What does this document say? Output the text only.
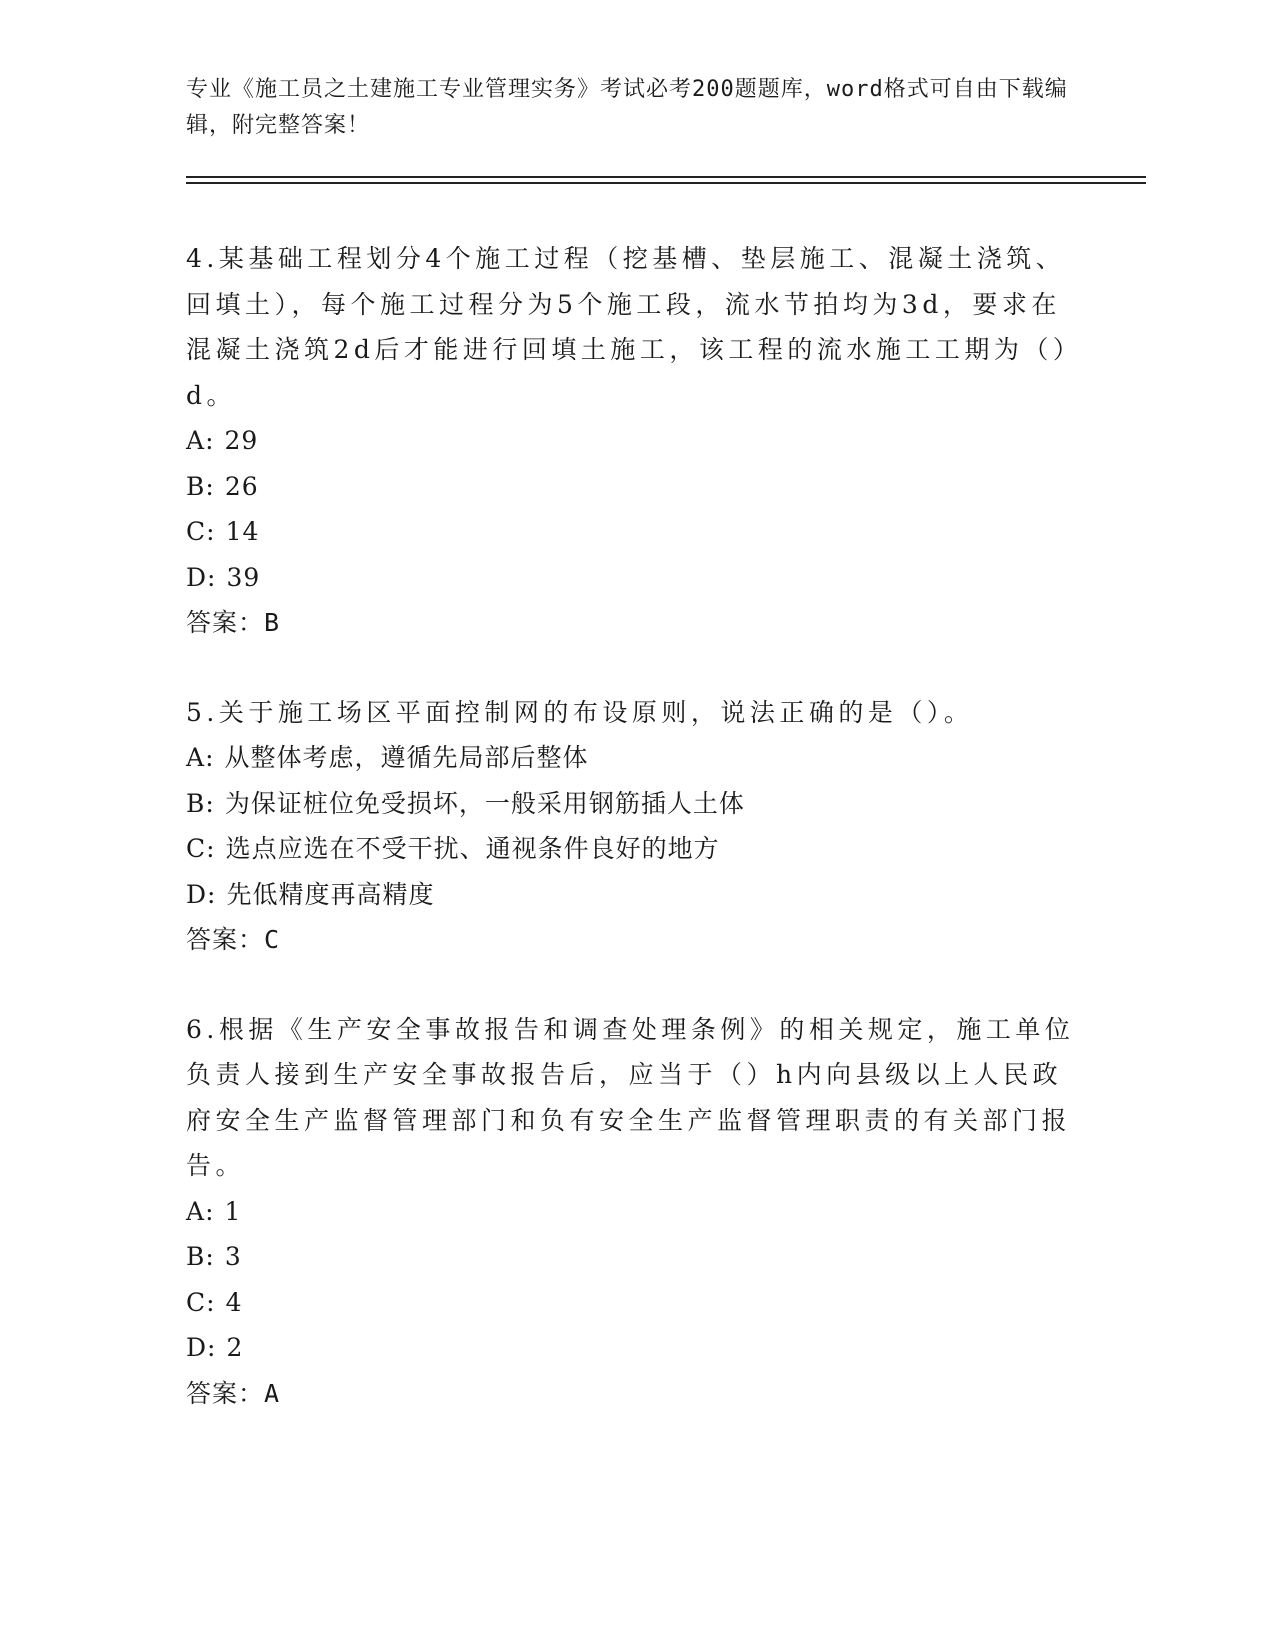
专业《施工员之土建施工专业管理实务》考试必考200题题库，word格式可自由下载编辑，附完整答案！

4.某基础工程划分4个施工过程（挖基槽、垫层施工、混凝土浇筑、回填土），每个施工过程分为5个施工段，流水节拍均为3d，要求在混凝土浇筑2d后才能进行回填土施工，该工程的流水施工工期为（）d。

A: 29

B: 26

C: 14

D: 39

答案：B

5.关于施工场区平面控制网的布设原则，说法正确的是（）。

A: 从整体考虑，遵循先局部后整体

B: 为保证桩位免受损坏，一般采用钢筋插人土体

C: 选点应选在不受干扰、通视条件良好的地方

D: 先低精度再高精度

答案：C

6.根据《生产安全事故报告和调查处理条例》的相关规定，施工单位负责人接到生产安全事故报告后，应当于（）h内向县级以上人民政府安全生产监督管理部门和负有安全生产监督管理职责的有关部门报告。

A: 1

B: 3

C: 4

D: 2

答案：A
